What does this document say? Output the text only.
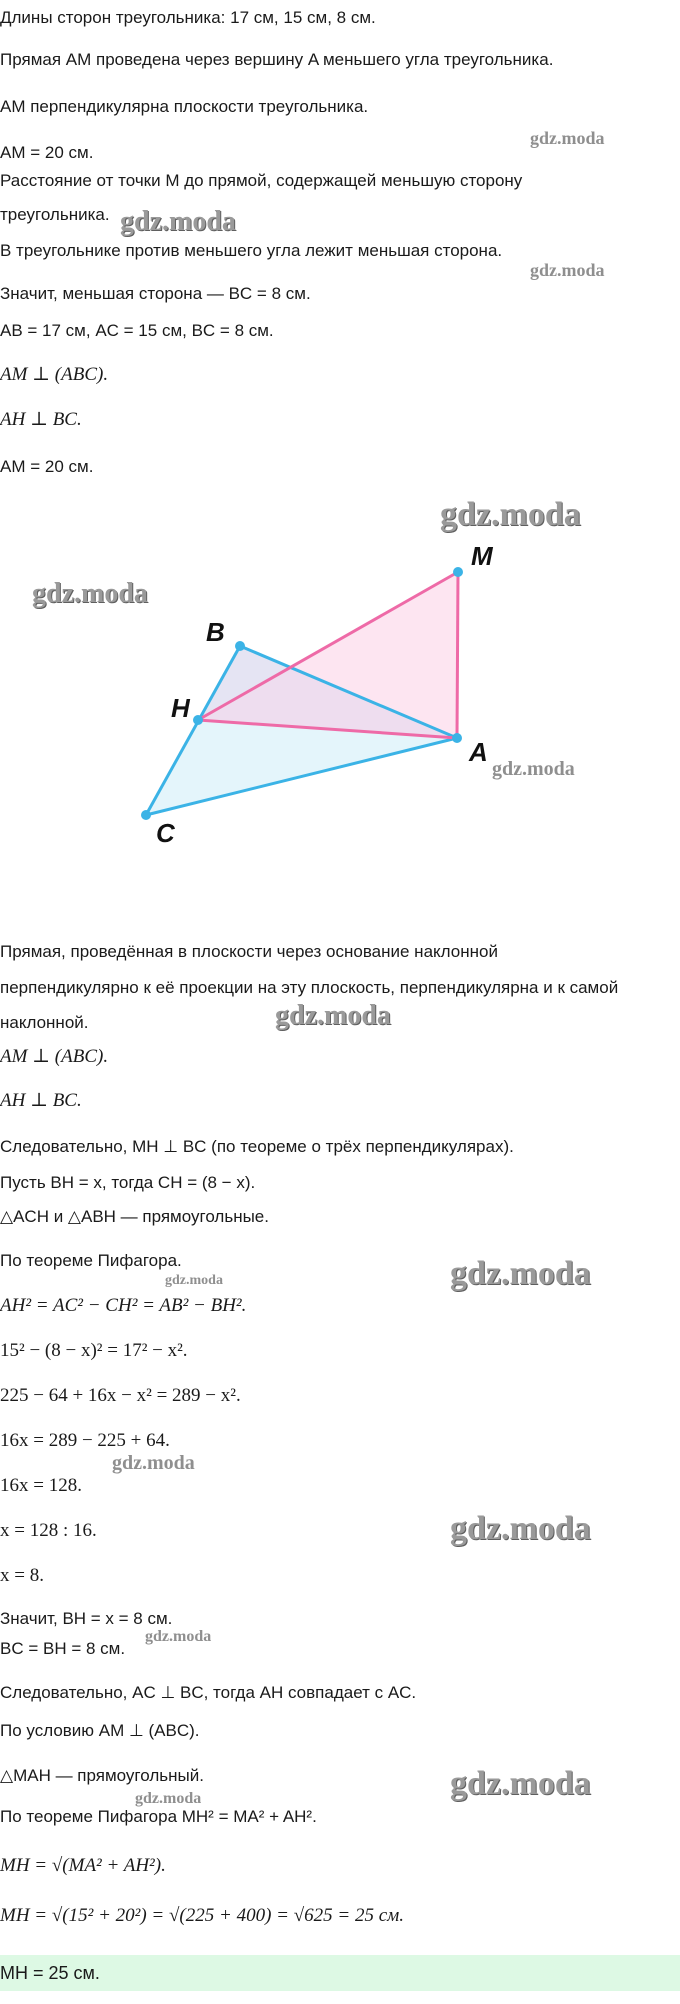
Длины сторон треугольника: 17 см, 15 см, 8 см.
Прямая AM проведена через вершину A меньшего угла треугольника.
AM перпендикулярна плоскости треугольника.
AM = 20 см.
Расстояние от точки M до прямой, содержащей меньшую сторону
треугольника.
В треугольнике против меньшего угла лежит меньшая сторона.
Значит, меньшая сторона — BC = 8 см.
AB = 17 см, AC = 15 см, BC = 8 см.
AM ⊥ (ABC).
AH ⊥ BC.
AM = 20 см.
M
B
H
A
C
Прямая, проведённая в плоскости через основание наклонной
перпендикулярно к её проекции на эту плоскость, перпендикулярна и к самой
наклонной.
AM ⊥ (ABC).
AH ⊥ BC.
Следовательно, MH ⊥ BC (по теореме о трёх перпендикулярах).
Пусть BH = x, тогда CH = (8 − x).
△ACH и △ABH — прямоугольные.
По теореме Пифагора.
AH² = AC² − CH² = AB² − BH².
15² − (8 − x)² = 17² − x².
225 − 64 + 16x − x² = 289 − x².
16x = 289 − 225 + 64.
16x = 128.
x = 128 : 16.
x = 8.
Значит, BH = x = 8 см.
BC = BH = 8 см.
Следовательно, AC ⊥ BC, тогда AH совпадает с AC.
По условию AM ⊥ (ABC).
△MAH — прямоугольный.
По теореме Пифагора MH² = MA² + AH².
MH = √(MA² + AH²).
MH = √(15² + 20²) = √(225 + 400) = √625 = 25 см.
MH = 25 см.
gdz.moda
gdz.moda
gdz.moda
gdz.moda
gdz.moda
gdz.moda
gdz.moda
gdz.moda	gdz.moda
gdz.moda
gdz.moda
gdz.moda
gdz.moda
gdz.moda
